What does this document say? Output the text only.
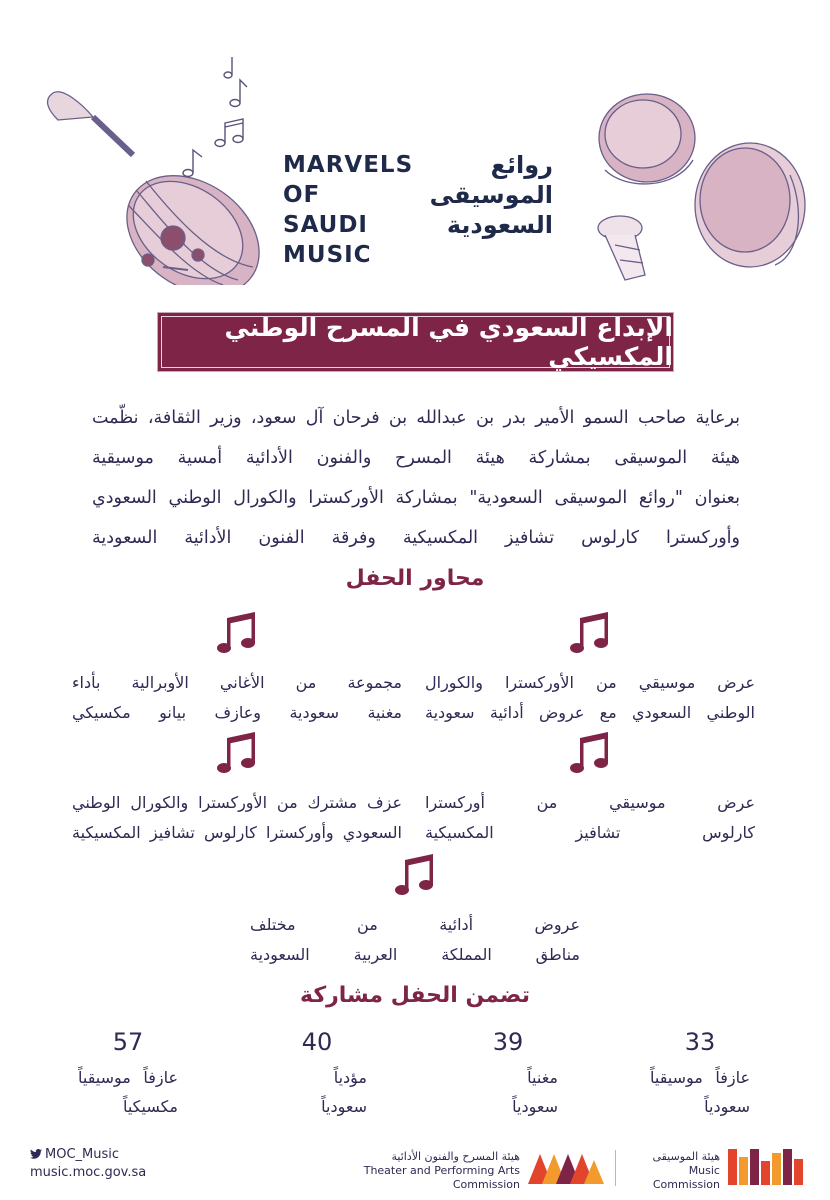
MARVELS
OF SAUDI
MUSIC
روائع
الموسيقى
السعودية
الإبداع السعودي في المسرح الوطني المكسيكي
برعاية صاحب السمو الأمير بدر بن عبدالله بن فرحان آل سعود، وزير الثقافة، نظّمت
هيئة الموسيقى بمشاركة هيئة المسرح والفنون الأدائية أمسية موسيقية
بعنوان "روائع الموسيقى السعودية" بمشاركة الأوركسترا والكورال الوطني السعودي
وأوركسترا كارلوس تشافيز المكسيكية وفرقة الفنون الأدائية السعودية
محاور الحفل
عرض موسيقي من الأوركسترا والكورال
الوطني السعودي مع عروض أدائية سعودية
مجموعة من الأغاني الأوبرالية بأداء
مغنية سعودية وعازف بيانو مكسيكي
عرض موسيقي من أوركسترا
كارلوس تشافيز المكسيكية
عزف مشترك من الأوركسترا والكورال الوطني
السعودي وأوركسترا كارلوس تشافيز المكسيكية
عروض أدائية من مختلف
مناطق المملكة العربية السعودية
تضمن الحفل مشاركة
33
عازفاً موسيقياً
سعودياً
39
مغنياً
سعودياً
40
مؤدياً
سعودياً
57
عازفاً موسيقياً
مكسيكياً
MOC_Music
music.moc.gov.sa
هيئة المسرح والفنون الأدائية
Theater and Performing Arts Commission
هيئة الموسيقى
Music Commission
